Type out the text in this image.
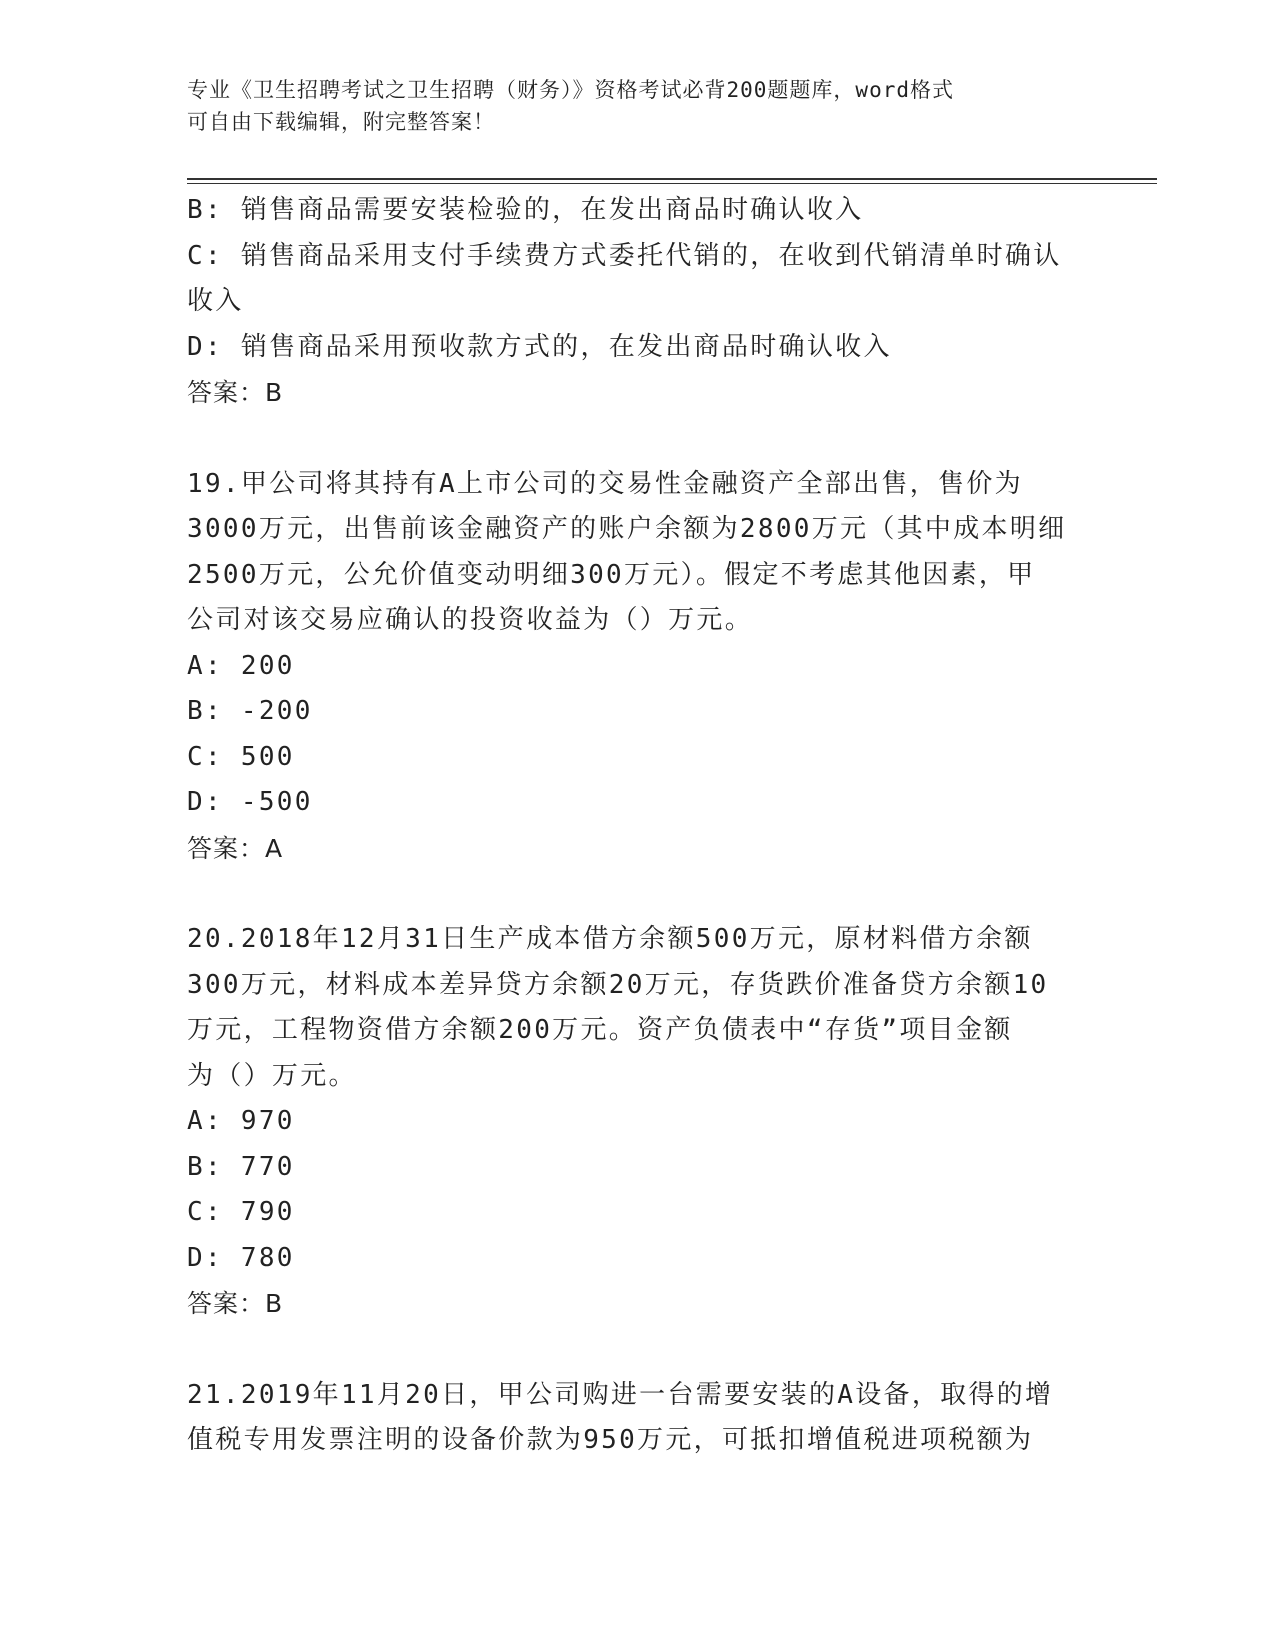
专业《卫生招聘考试之卫生招聘（财务）》资格考试必背200题题库，word格式
可自由下载编辑，附完整答案！
B: 销售商品需要安装检验的，在发出商品时确认收入
C: 销售商品采用支付手续费方式委托代销的，在收到代销清单时确认
收入
D: 销售商品采用预收款方式的，在发出商品时确认收入
答案：B
19.甲公司将其持有A上市公司的交易性金融资产全部出售，售价为
3000万元，出售前该金融资产的账户余额为2800万元（其中成本明细
2500万元，公允价值变动明细300万元）。假定不考虑其他因素，甲
公司对该交易应确认的投资收益为（）万元。
A: 200
B: -200
C: 500
D: -500
答案：A
20.2018年12月31日生产成本借方余额500万元，原材料借方余额
300万元，材料成本差异贷方余额20万元，存货跌价准备贷方余额10
万元，工程物资借方余额200万元。资产负债表中“存货”项目金额
为（）万元。
A: 970
B: 770
C: 790
D: 780
答案：B
21.2019年11月20日，甲公司购进一台需要安装的A设备，取得的增
值税专用发票注明的设备价款为950万元，可抵扣增值税进项税额为
